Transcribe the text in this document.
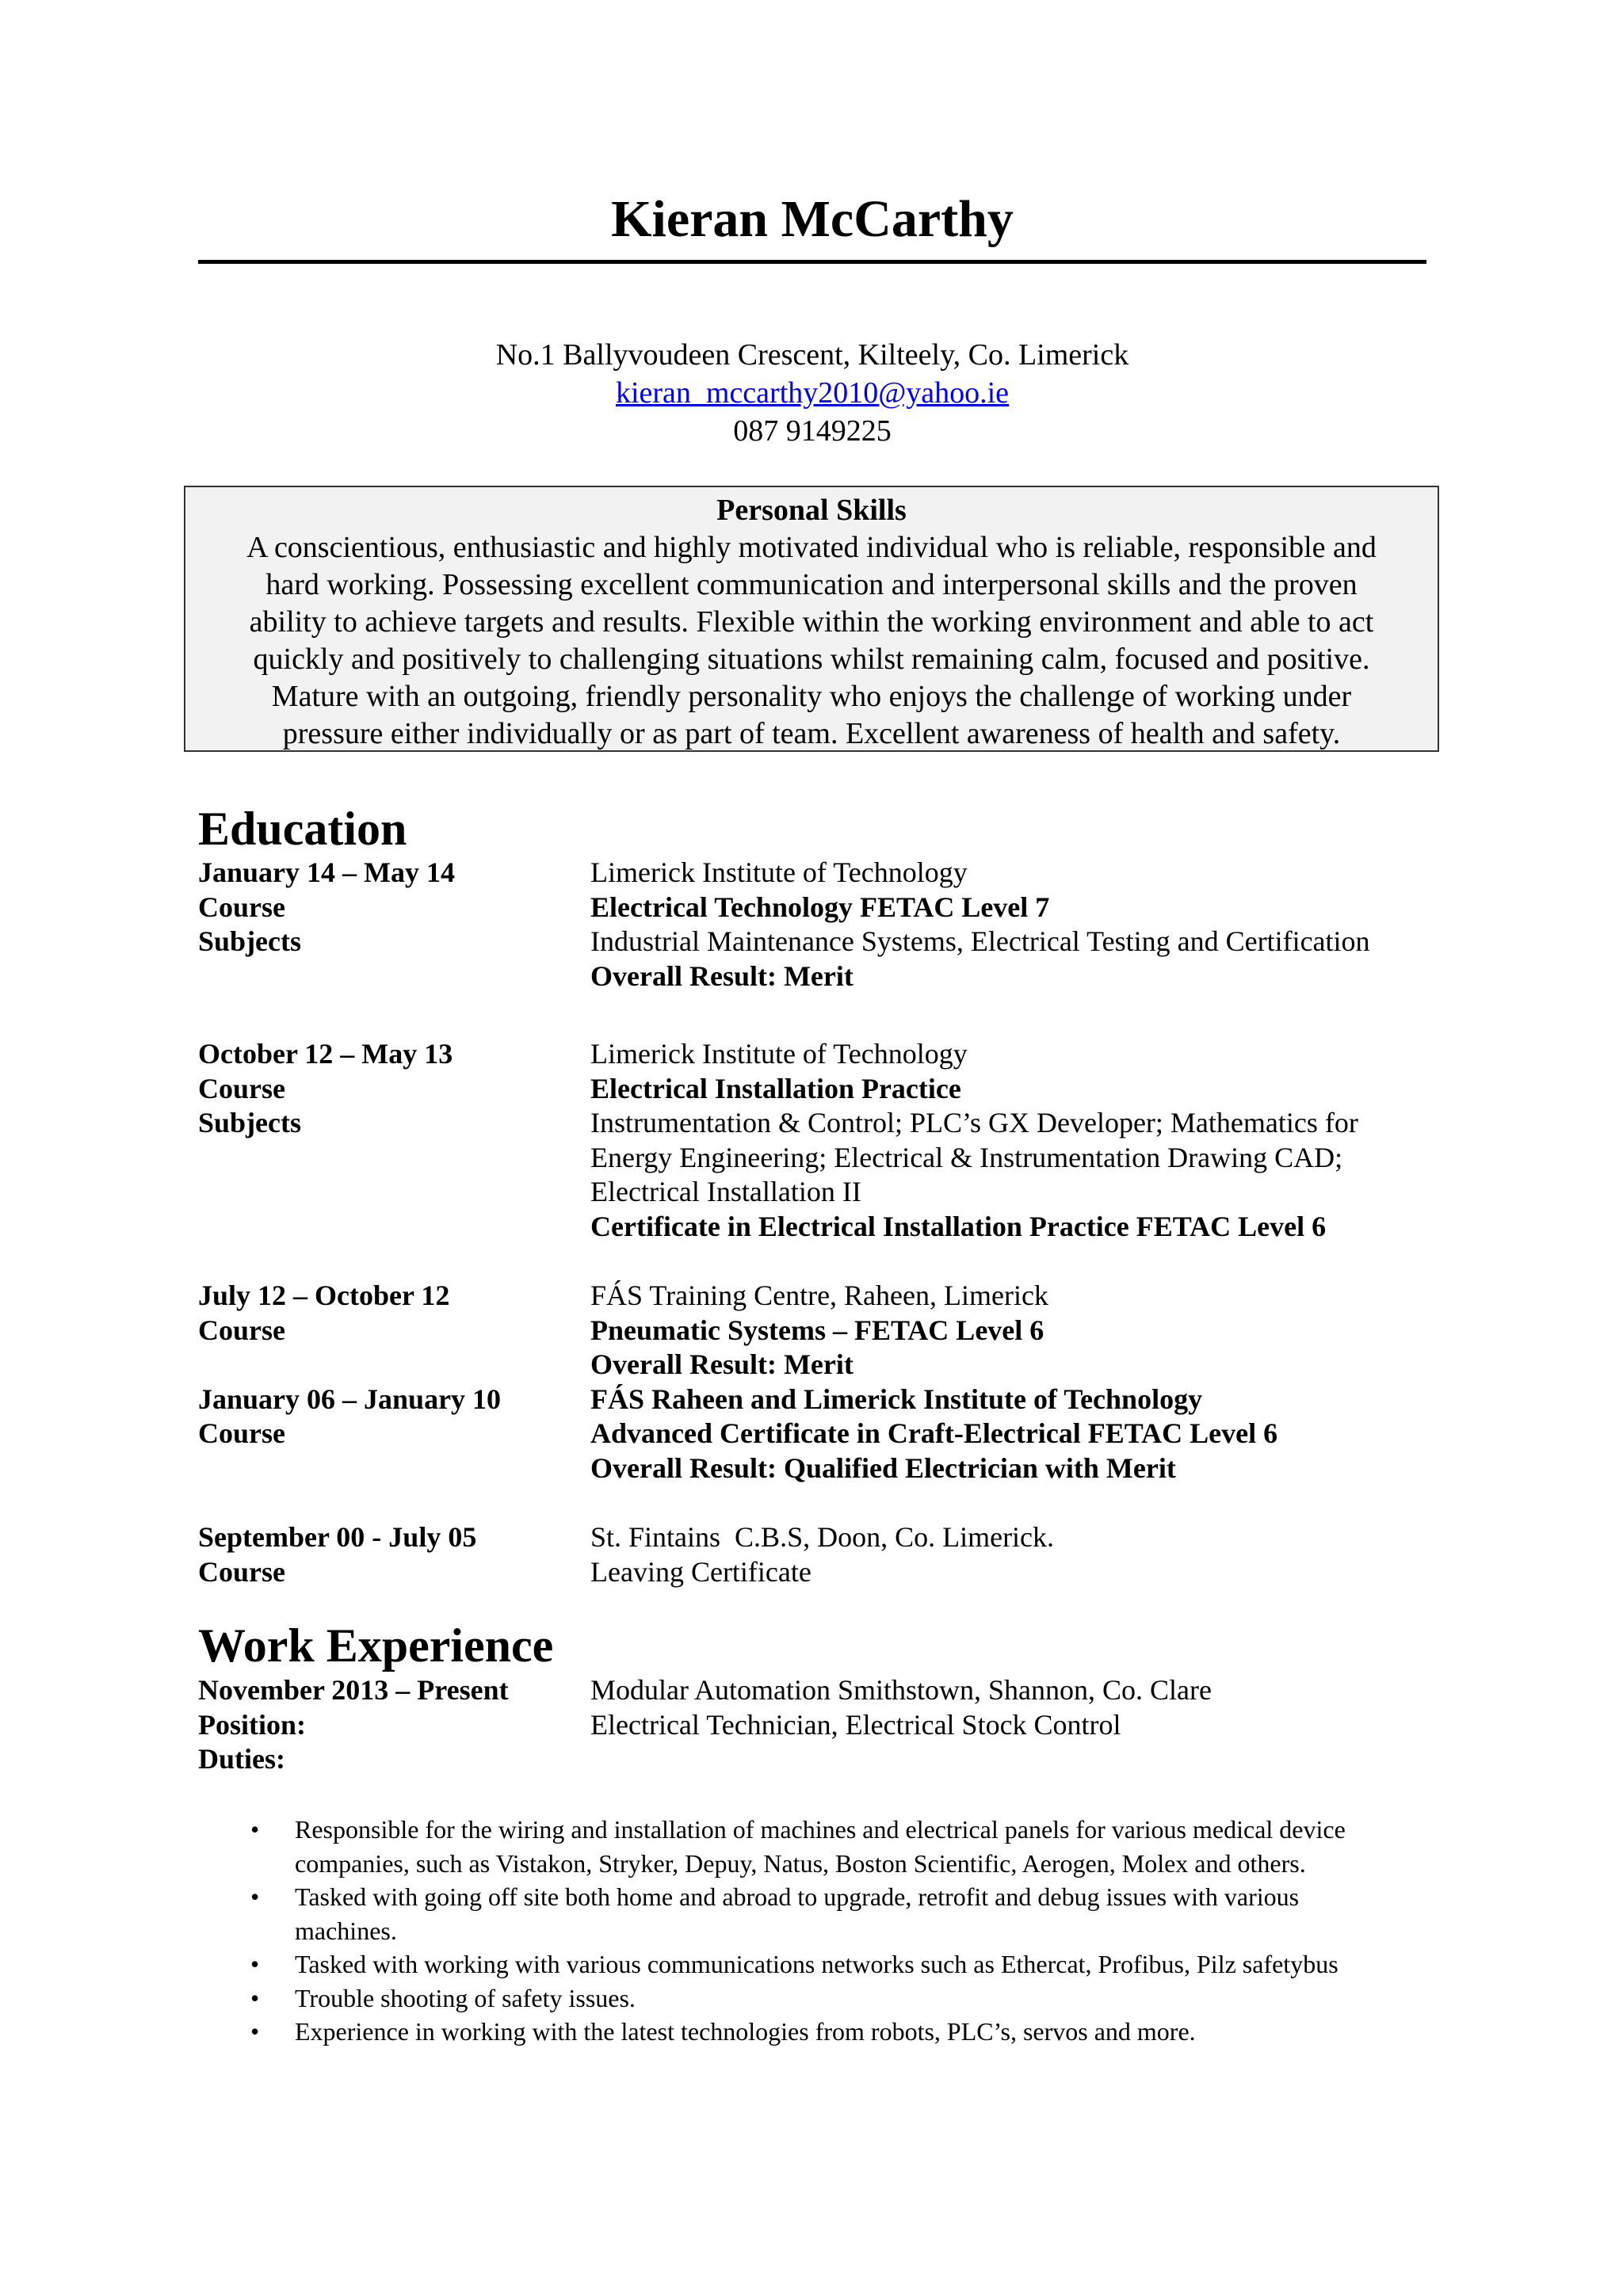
Kieran McCarthy
No.1 Ballyvoudeen Crescent, Kilteely, Co. Limerick
kieran_mccarthy2010@yahoo.ie
087 9149225
Personal Skills
A conscientious, enthusiastic and highly motivated individual who is reliable, responsible and
hard working. Possessing excellent communication and interpersonal skills and the proven
ability to achieve targets and results. Flexible within the working environment and able to act
quickly and positively to challenging situations whilst remaining calm, focused and positive.
Mature with an outgoing, friendly personality who enjoys the challenge of working under
pressure either individually or as part of team. Excellent awareness of health and safety.
Education
January 14 – May 14	Limerick Institute of Technology
Course	Electrical Technology FETAC Level 7
Subjects	Industrial Maintenance Systems, Electrical Testing and Certification
Overall Result: Merit
October 12 – May 13	Limerick Institute of Technology
Course	Electrical Installation Practice
Subjects	Instrumentation & Control; PLC’s GX Developer; Mathematics for
Energy Engineering; Electrical & Instrumentation Drawing CAD;
Electrical Installation II
Certificate in Electrical Installation Practice FETAC Level 6
July 12 – October 12	FÁS Training Centre, Raheen, Limerick
Course	Pneumatic Systems – FETAC Level 6
Overall Result: Merit
January 06 – January 10	FÁS Raheen and Limerick Institute of Technology
Course	Advanced Certificate in Craft-Electrical FETAC Level 6
Overall Result: Qualified Electrician with Merit
September 00 - July 05	St. Fintains  C.B.S, Doon, Co. Limerick.
Course	Leaving Certificate
Work Experience
November 2013 – Present	Modular Automation Smithstown, Shannon, Co. Clare
Position:	Electrical Technician, Electrical Stock Control
Duties:
• Responsible for the wiring and installation of machines and electrical panels for various medical device
companies, such as Vistakon, Stryker, Depuy, Natus, Boston Scientific, Aerogen, Molex and others.
• Tasked with going off site both home and abroad to upgrade, retrofit and debug issues with various
machines.
• Tasked with working with various communications networks such as Ethercat, Profibus, Pilz safetybus
• Trouble shooting of safety issues.
• Experience in working with the latest technologies from robots, PLC’s, servos and more.
